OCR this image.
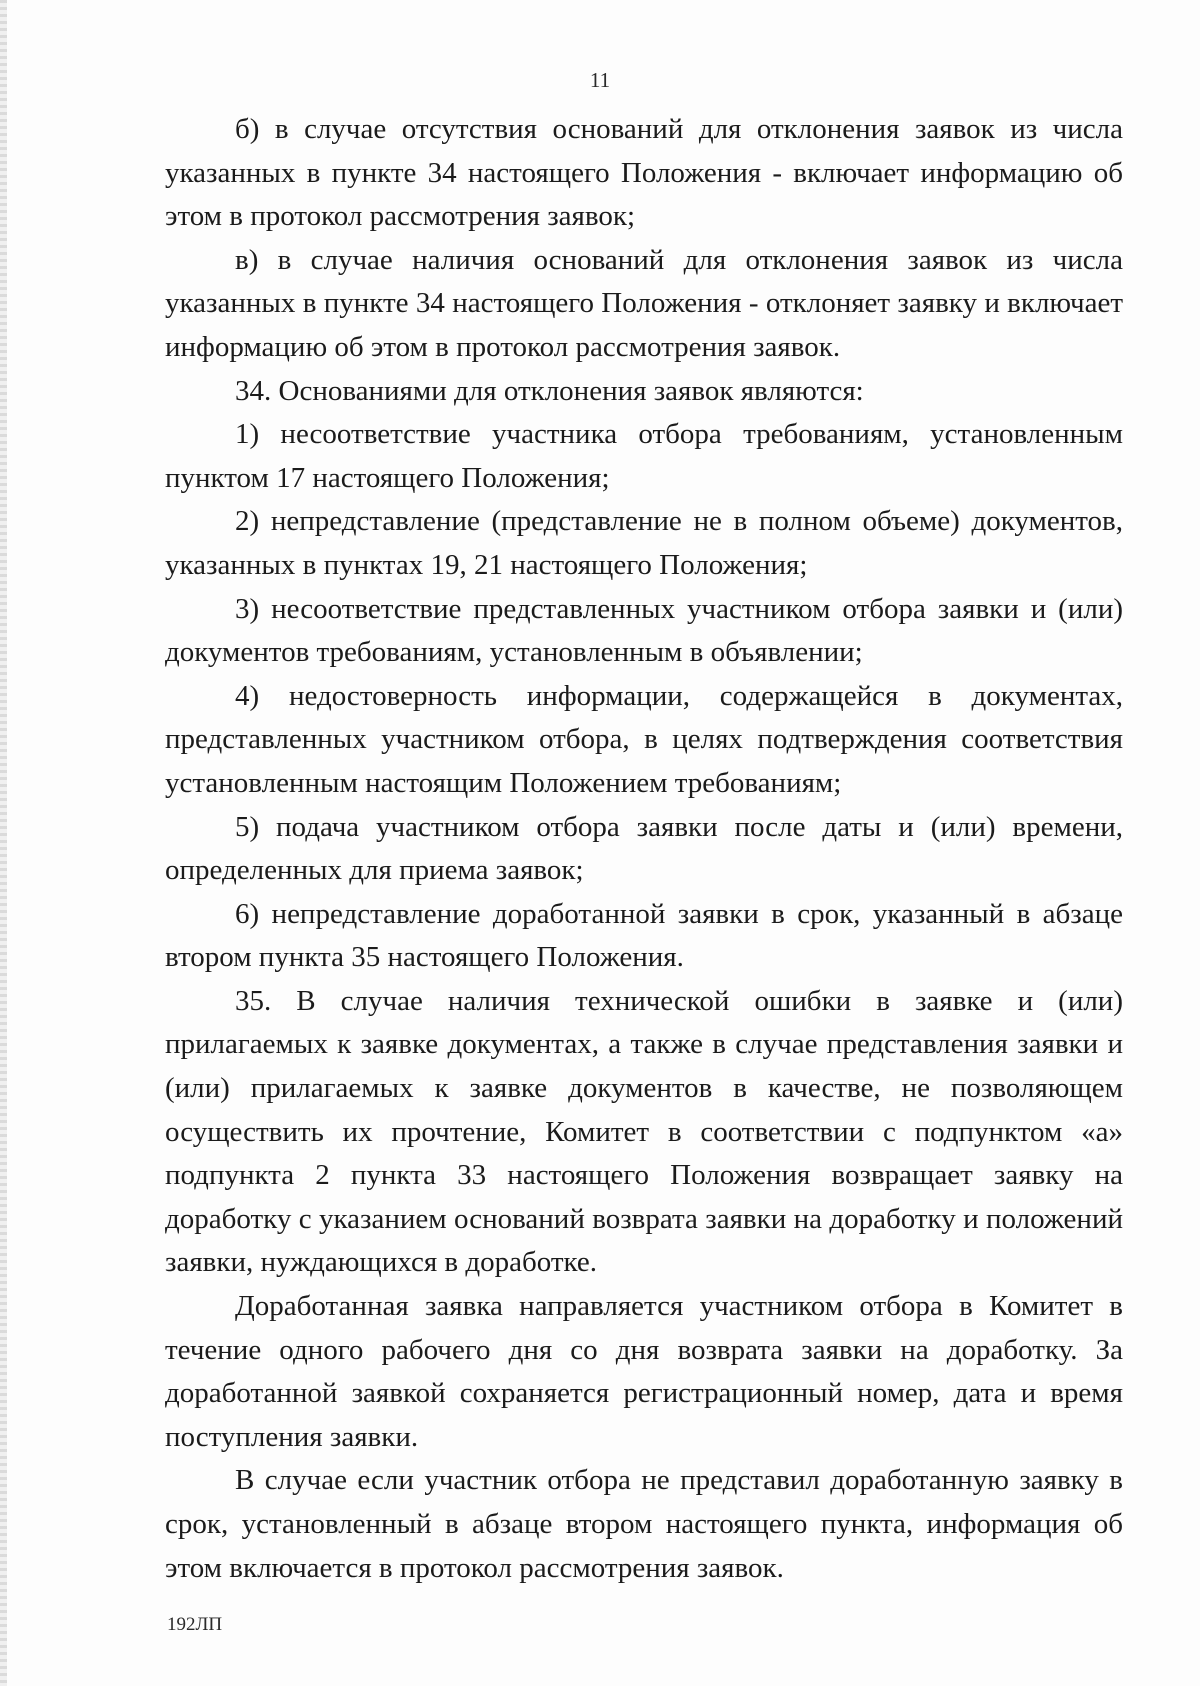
11

б) в случае отсутствия оснований для отклонения заявок из числа указанных в пункте 34 настоящего Положения - включает информацию об этом в протокол рассмотрения заявок;

в) в случае наличия оснований для отклонения заявок из числа указанных в пункте 34 настоящего Положения - отклоняет заявку и включает информацию об этом в протокол рассмотрения заявок.

34. Основаниями для отклонения заявок являются:

1) несоответствие участника отбора требованиям, установленным пунктом 17 настоящего Положения;

2) непредставление (представление не в полном объеме) документов, указанных в пунктах 19, 21 настоящего Положения;

3) несоответствие представленных участником отбора заявки и (или) документов требованиям, установленным в объявлении;

4) недостоверность информации, содержащейся в документах, представленных участником отбора, в целях подтверждения соответствия установленным настоящим Положением требованиям;

5) подача участником отбора заявки после даты и (или) времени, определенных для приема заявок;

6) непредставление доработанной заявки в срок, указанный в абзаце втором пункта 35 настоящего Положения.

35. В случае наличия технической ошибки в заявке и (или) прилагаемых к заявке документах, а также в случае представления заявки и (или) прилагаемых к заявке документов в качестве, не позволяющем осуществить их прочтение, Комитет в соответствии с подпунктом «а» подпункта 2 пункта 33 настоящего Положения возвращает заявку на доработку с указанием оснований возврата заявки на доработку и положений заявки, нуждающихся в доработке.

Доработанная заявка направляется участником отбора в Комитет в течение одного рабочего дня со дня возврата заявки на доработку. За доработанной заявкой сохраняется регистрационный номер, дата и время поступления заявки.

В случае если участник отбора не представил доработанную заявку в срок, установленный в абзаце втором настоящего пункта, информация об этом включается в протокол рассмотрения заявок.

192ЛП
